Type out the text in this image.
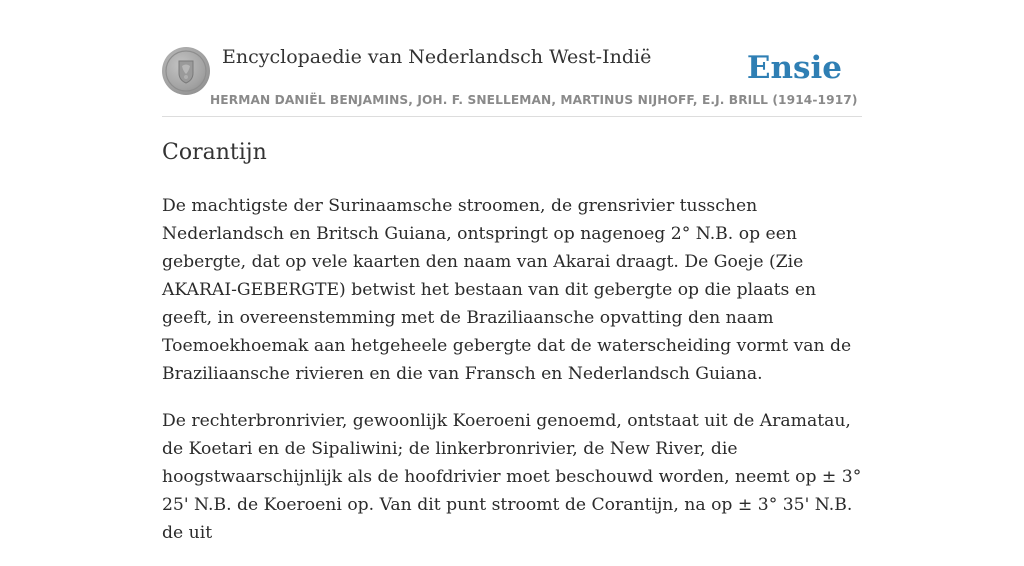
Encyclopaedie van Nederlandsch West-Indië	Ensie
HERMAN DANIËL BENJAMINS, JOH. F. SNELLEMAN, MARTINUS NIJHOFF, E.J. BRILL (1914-1917)
Corantijn

De machtigste der Surinaamsche stroomen, de grensrivier tusschen Nederlandsch en Britsch Guiana, ontspringt op nagenoeg 2° N.B. op een gebergte, dat op vele kaarten den naam van Akarai draagt. De Goeje (Zie AKARAI-GEBERGTE) betwist het bestaan van dit gebergte op die plaats en geeft, in overeenstemming met de Braziliaansche opvatting den naam Toemoekhoemak aan hetgeheele gebergte dat de waterscheiding vormt van de Braziliaansche rivieren en die van Fransch en Nederlandsch Guiana.

De rechterbronrivier, gewoonlijk Koeroeni genoemd, ontstaat uit de Aramatau, de Koetari en de Sipaliwini; de linkerbronrivier, de New River, die hoogstwaarschijnlijk als de hoofdrivier moet beschouwd worden, neemt op ± 3° 25' N.B. de Koeroeni op. Van dit punt stroomt de Corantijn, na op ± 3° 35' N.B. de uit
